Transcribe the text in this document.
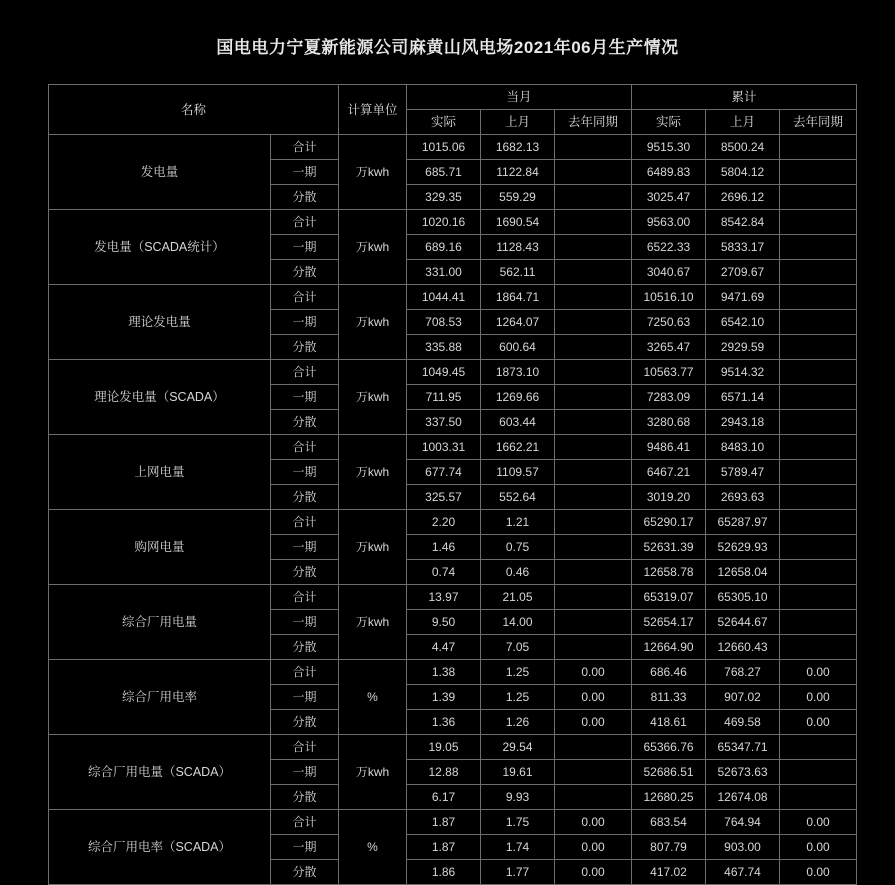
国电电力宁夏新能源公司麻黄山风电场2021年06月生产情况
名称		计算单位	当月			累计		
			实际	上月	去年同期	实际	上月	去年同期
发电量	合计	万kwh	1015.06	1682.13		9515.30	8500.24	
	一期		685.71	1122.84		6489.83	5804.12	
	分散		329.35	559.29		3025.47	2696.12	
发电量（SCADA统计）	合计	万kwh	1020.16	1690.54		9563.00	8542.84	
	一期		689.16	1128.43		6522.33	5833.17	
	分散		331.00	562.11		3040.67	2709.67	
理论发电量	合计	万kwh	1044.41	1864.71		10516.10	9471.69	
	一期		708.53	1264.07		7250.63	6542.10	
	分散		335.88	600.64		3265.47	2929.59	
理论发电量（SCADA）	合计	万kwh	1049.45	1873.10		10563.77	9514.32	
	一期		711.95	1269.66		7283.09	6571.14	
	分散		337.50	603.44		3280.68	2943.18	
上网电量	合计	万kwh	1003.31	1662.21		9486.41	8483.10	
	一期		677.74	1109.57		6467.21	5789.47	
	分散		325.57	552.64		3019.20	2693.63	
购网电量	合计	万kwh	2.20	1.21		65290.17	65287.97	
	一期		1.46	0.75		52631.39	52629.93	
	分散		0.74	0.46		12658.78	12658.04	
综合厂用电量	合计	万kwh	13.97	21.05		65319.07	65305.10	
	一期		9.50	14.00		52654.17	52644.67	
	分散		4.47	7.05		12664.90	12660.43	
综合厂用电率	合计	%	1.38	1.25	0.00	686.46	768.27	0.00
	一期		1.39	1.25	0.00	811.33	907.02	0.00
	分散		1.36	1.26	0.00	418.61	469.58	0.00
综合厂用电量（SCADA）	合计	万kwh	19.05	29.54		65366.76	65347.71	
	一期		12.88	19.61		52686.51	52673.63	
	分散		6.17	9.93		12680.25	12674.08	
综合厂用电率（SCADA）	合计	%	1.87	1.75	0.00	683.54	764.94	0.00
	一期		1.87	1.74	0.00	807.79	903.00	0.00
	分散		1.86	1.77	0.00	417.02	467.74	0.00
